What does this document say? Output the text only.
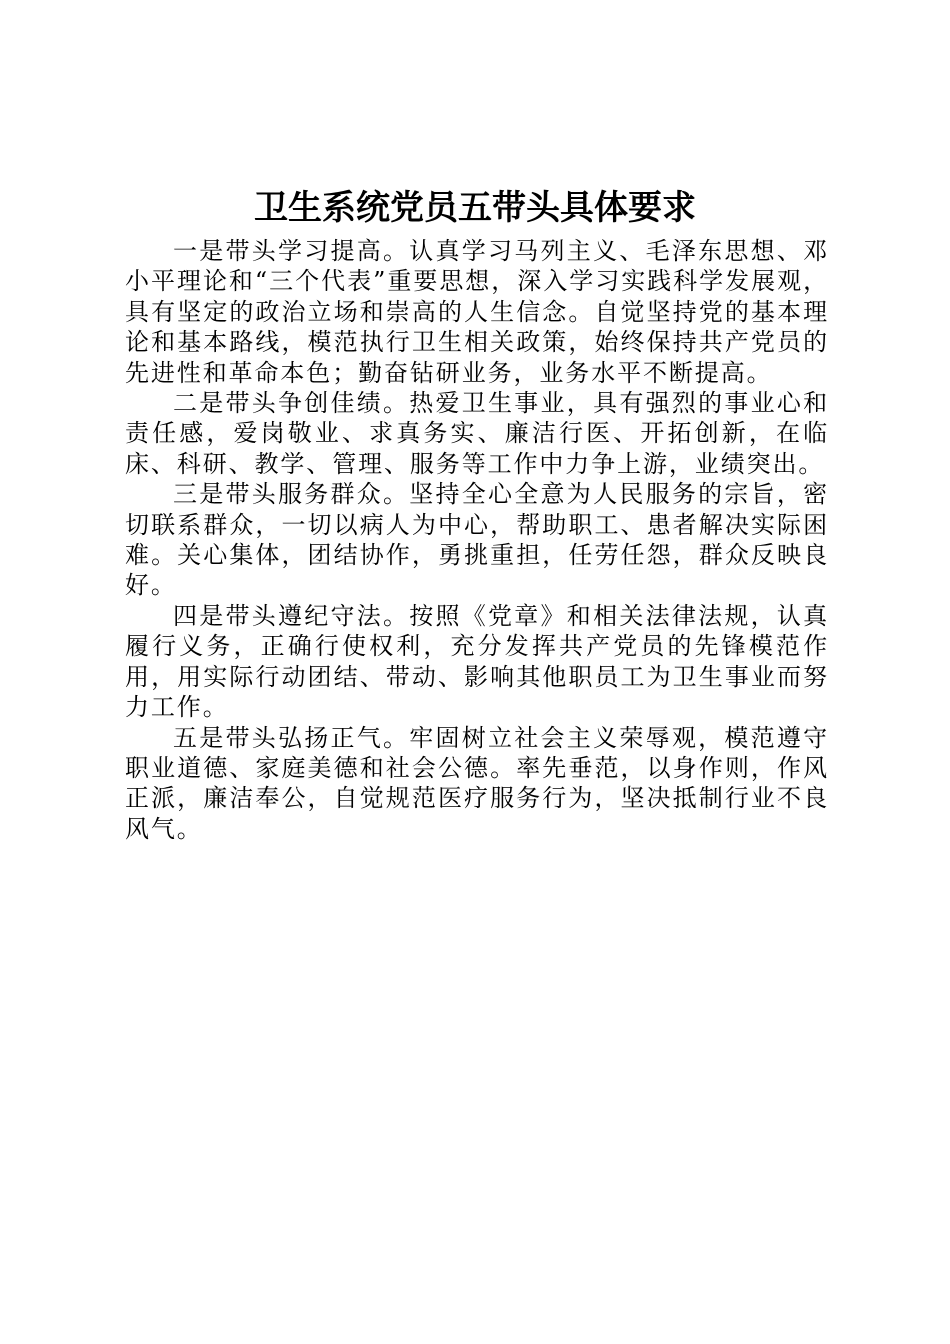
卫生系统党员五带头具体要求

一是带头学习提高。认真学习马列主义、毛泽东思想、邓小平理论和“三个代表”重要思想，深入学习实践科学发展观，具有坚定的政治立场和崇高的人生信念。自觉坚持党的基本理论和基本路线，模范执行卫生相关政策，始终保持共产党员的先进性和革命本色；勤奋钻研业务，业务水平不断提高。

二是带头争创佳绩。热爱卫生事业，具有强烈的事业心和责任感，爱岗敬业、求真务实、廉洁行医、开拓创新，在临床、科研、教学、管理、服务等工作中力争上游，业绩突出。

三是带头服务群众。坚持全心全意为人民服务的宗旨，密切联系群众，一切以病人为中心，帮助职工、患者解决实际困难。关心集体，团结协作，勇挑重担，任劳任怨，群众反映良好。

四是带头遵纪守法。按照《党章》和相关法律法规，认真履行义务，正确行使权利，充分发挥共产党员的先锋模范作用，用实际行动团结、带动、影响其他职员工为卫生事业而努力工作。

五是带头弘扬正气。牢固树立社会主义荣辱观，模范遵守职业道德、家庭美德和社会公德。率先垂范，以身作则，作风正派，廉洁奉公，自觉规范医疗服务行为，坚决抵制行业不良风气。
